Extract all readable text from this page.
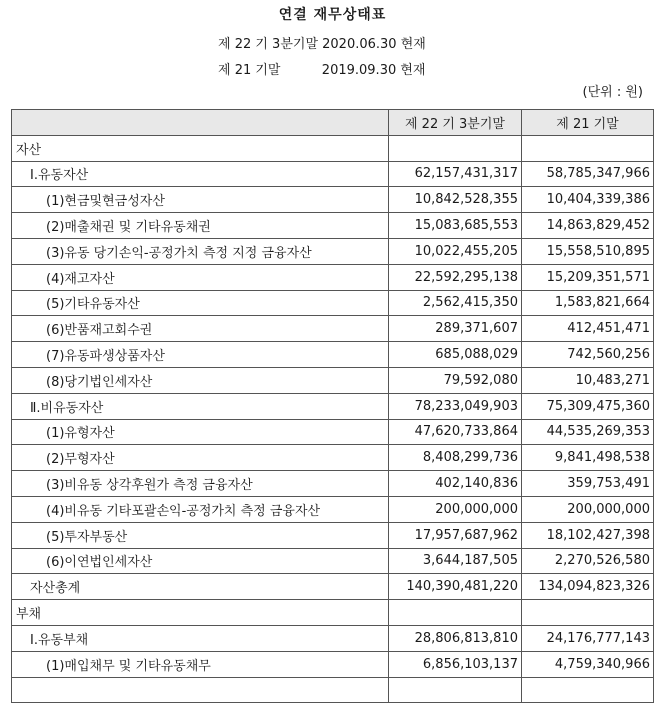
연결 재무상태표
제 22 기 3분기말 2020.06.30 현재
제 21 기말          2019.09.30 현재
(단위 : 원)
	제 22 기 3분기말	제 21 기말
자산		
Ⅰ.유동자산	62,157,431,317	58,785,347,966
(1)현금및현금성자산	10,842,528,355	10,404,339,386
(2)매출채권 및 기타유동채권	15,083,685,553	14,863,829,452
(3)유동 당기손익-공정가치 측정 지정 금융자산	10,022,455,205	15,558,510,895
(4)재고자산	22,592,295,138	15,209,351,571
(5)기타유동자산	2,562,415,350	1,583,821,664
(6)반품재고회수권	289,371,607	412,451,471
(7)유동파생상품자산	685,088,029	742,560,256
(8)당기법인세자산	79,592,080	10,483,271
Ⅱ.비유동자산	78,233,049,903	75,309,475,360
(1)유형자산	47,620,733,864	44,535,269,353
(2)무형자산	8,408,299,736	9,841,498,538
(3)비유동 상각후원가 측정 금융자산	402,140,836	359,753,491
(4)비유동 기타포괄손익-공정가치 측정 금융자산	200,000,000	200,000,000
(5)투자부동산	17,957,687,962	18,102,427,398
(6)이연법인세자산	3,644,187,505	2,270,526,580
자산총계	140,390,481,220	134,094,823,326
부채		
Ⅰ.유동부채	28,806,813,810	24,176,777,143
(1)매입채무 및 기타유동채무	6,856,103,137	4,759,340,966
